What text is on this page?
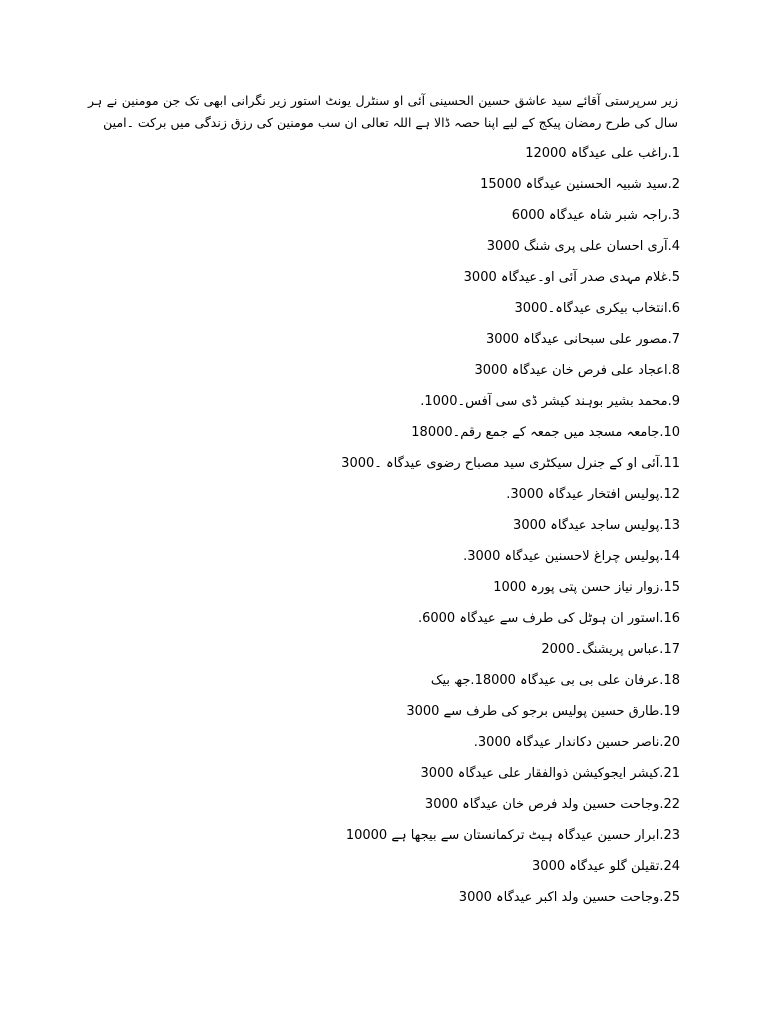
زیر سرپرستی آقائے سید عاشق حسین الحسینی آئی او سنٹرل یونٹ استور زیر نگرانی ابھی تک جن مومنین نے ہر سال کی طرح رمضان پیکج کے لیے اپنا حصہ ڈالا ہے اللہ تعالی ان سب مومنین کی رزق زندگی میں برکت ۔امین

1.راغب علی عیدگاہ 12000
2.سید شبیہ الحسنین عیدگاہ 15000
3.راجہ شبر شاہ عیدگاہ 6000
4.آری احسان علی پری شنگ 3000
5.غلام مہدی صدر آئی او۔عیدگاہ 3000
6.انتخاب بیکری عیدگاہ۔3000
7.مصور علی سبحانی عیدگاہ 3000
8.اعجاد علی فرص خان عیدگاہ 3000
9.محمد بشیر بوہند کیشر ڈی سی آفس۔1000.
10.جامعہ مسجد میں جمعہ کے جمع رقم۔18000
11.آئی او کے جنرل سیکٹری سید مصباح رضوی عیدگاہ ۔3000
12.پولیس افتخار عیدگاہ 3000.
13.پولیس ساجد عیدگاہ 3000
14.پولیس چراغ لاحسنین عیدگاہ 3000.
15.زوار نیاز حسن پتی پورہ 1000
16.استور ان ہوٹل کی طرف سے عیدگاہ 6000.
17.عباس پریشنگ۔2000
18.عرفان علی بی بی عیدگاہ 18000.جھ بیک
19.طارق حسین پولیس برجو کی طرف سے 3000
20.ناصر حسین دکاندار عیدگاہ 3000.
21.کیشر ایجوکیشن ذوالفقار علی عیدگاہ 3000
22.وجاحت حسین ولد فرص خان عیدگاہ 3000
23.ابرار حسین عیدگاہ ہیٹ ترکمانستان سے بیجھا ہے 10000
24.تقیلن گلو عیدگاہ 3000
25.وجاحت حسین ولد اکبر عیدگاہ 3000
